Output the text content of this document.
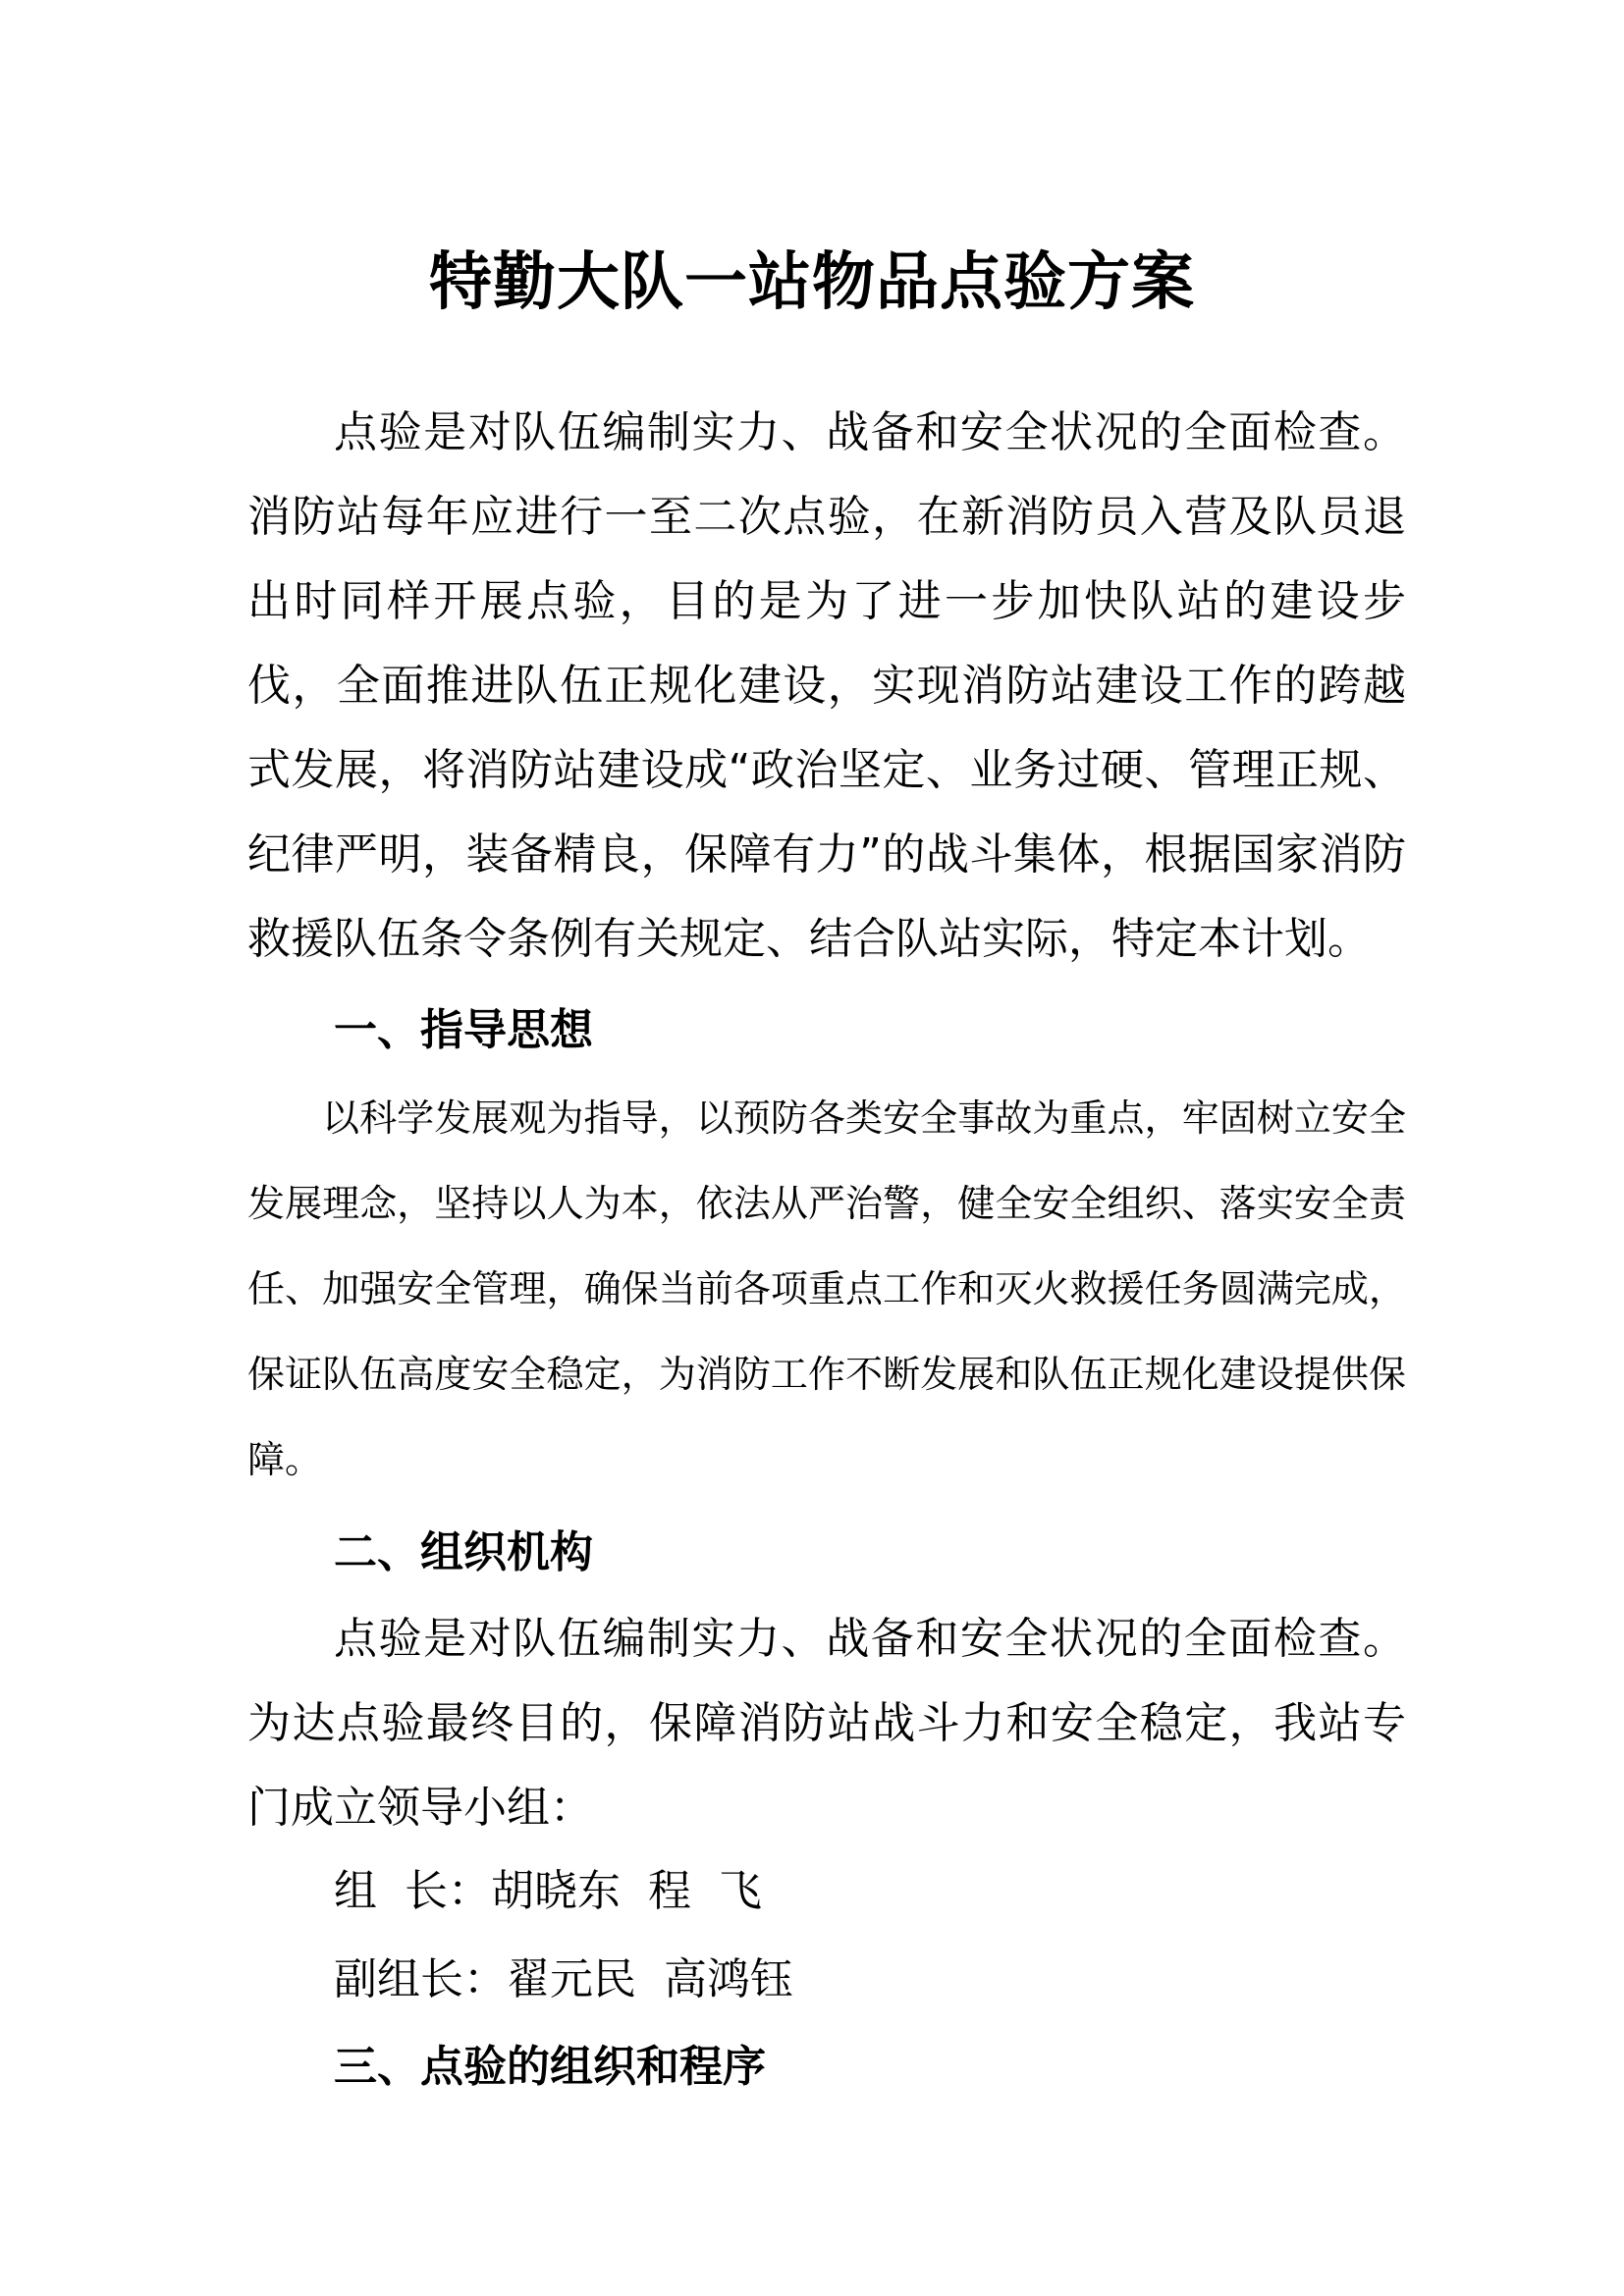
特勤大队一站物品点验方案

点验是对队伍编制实力、战备和安全状况的全面检查。消防站每年应进行一至二次点验，在新消防员入营及队员退出时同样开展点验，目的是为了进一步加快队站的建设步伐，全面推进队伍正规化建设，实现消防站建设工作的跨越式发展，将消防站建设成“政治坚定、业务过硬、管理正规、纪律严明，装备精良，保障有力”的战斗集体，根据国家消防救援队伍条令条例有关规定、结合队站实际，特定本计划。

一、指导思想

以科学发展观为指导，以预防各类安全事故为重点，牢固树立安全发展理念，坚持以人为本，依法从严治警，健全安全组织、落实安全责任、加强安全管理，确保当前各项重点工作和灭火救援任务圆满完成，保证队伍高度安全稳定，为消防工作不断发展和队伍正规化建设提供保障。

二、组织机构

点验是对队伍编制实力、战备和安全状况的全面检查。为达点验最终目的，保障消防站战斗力和安全稳定，我站专门成立领导小组：

组  长：胡晓东  程  飞
副组长：翟元民  高鸿钰
三、点验的组织和程序
